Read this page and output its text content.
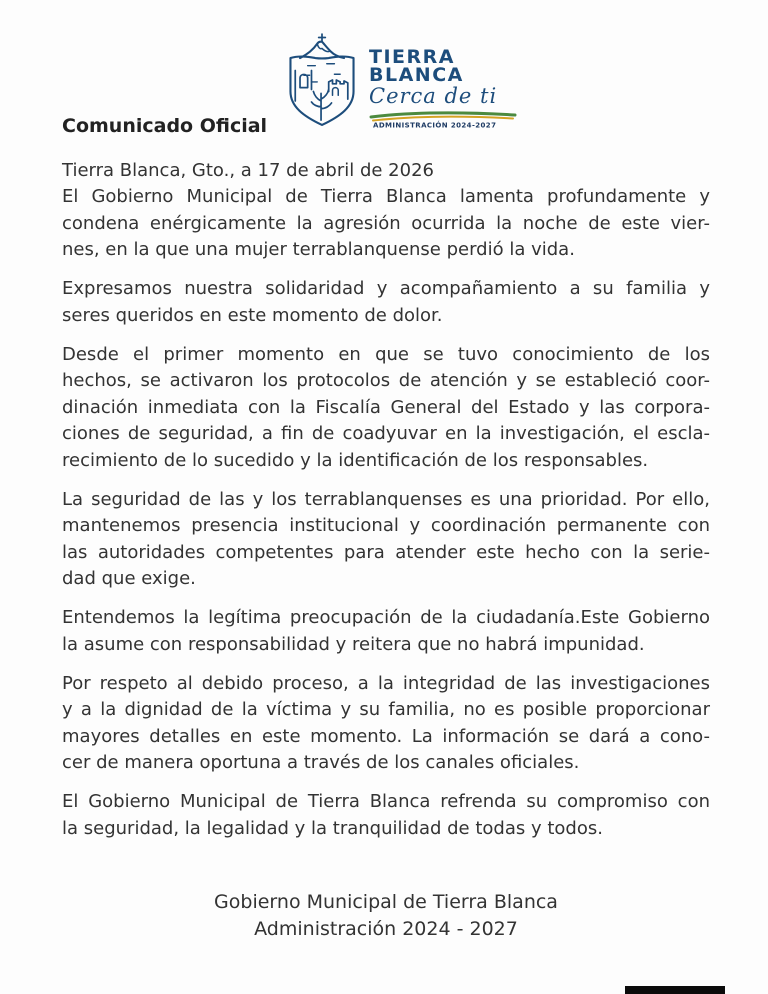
TIERRA
BLANCA
Cerca de ti
ADMINISTRACIÓN 2024-2027
Comunicado Oficial
Tierra Blanca, Gto., a 17 de abril de 2026
El Gobierno Municipal de Tierra Blanca lamenta profundamente y
condena enérgicamente la agresión ocurrida la noche de este vier-
nes, en la que una mujer terrablanquense perdió la vida.
Expresamos nuestra solidaridad y acompañamiento a su familia y
seres queridos en este momento de dolor.
Desde el primer momento en que se tuvo conocimiento de los
hechos, se activaron los protocolos de atención y se estableció coor-
dinación inmediata con la Fiscalía General del Estado y las corpora-
ciones de seguridad, a fin de coadyuvar en la investigación, el escla-
recimiento de lo sucedido y la identificación de los responsables.
La seguridad de las y los terrablanquenses es una prioridad. Por ello,
mantenemos presencia institucional y coordinación permanente con
las autoridades competentes para atender este hecho con la serie-
dad que exige.
Entendemos la legítima preocupación de la ciudadanía.Este Gobierno
la asume con responsabilidad y reitera que no habrá impunidad.
Por respeto al debido proceso, a la integridad de las investigaciones
y a la dignidad de la víctima y su familia, no es posible proporcionar
mayores detalles en este momento. La información se dará a cono-
cer de manera oportuna a través de los canales oficiales.
El Gobierno Municipal de Tierra Blanca refrenda su compromiso con
la seguridad, la legalidad y la tranquilidad de todas y todos.
Gobierno Municipal de Tierra Blanca
Administración 2024 - 2027
